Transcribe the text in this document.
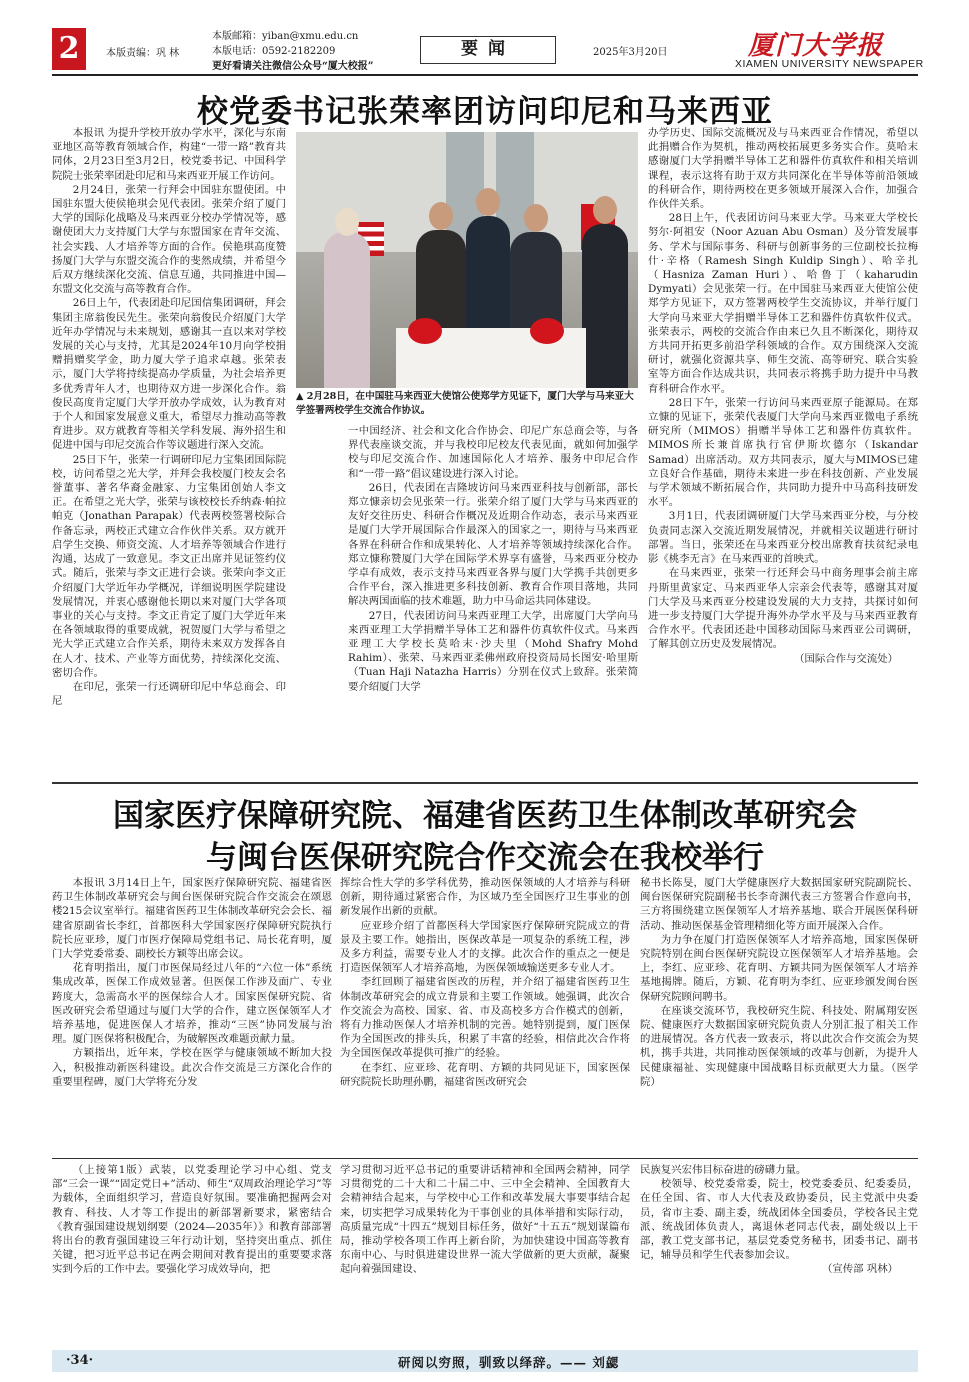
2	本版责编：巩 林
本版邮箱：yiban@xmu.edu.cn
本版电话：0592-2182209
更好看请关注微信公众号“厦大校报”
要闻	2025年3月20日	厦门大学报
XIAMEN UNIVERSITY NEWSPAPER
校党委书记张荣率团访问印尼和马来西亚

本报讯 为提升学校开放办学水平，深化与东南亚地区高等教育领域合作，构建“一带一路”教育共同体，2月23日至3月2日，校党委书记、中国科学院院士张荣率团赴印尼和马来西亚开展工作访问。

2月24日，张荣一行拜会中国驻东盟使团。中国驻东盟大使侯艳琪会见代表团。张荣介绍了厦门大学的国际化战略及马来西亚分校办学情况等，感谢使团大力支持厦门大学与东盟国家在青年交流、社会实践、人才培养等方面的合作。侯艳琪高度赞扬厦门大学与东盟交流合作的斐然成绩，并希望今后双方继续深化交流、信息互通，共同推进中国—东盟文化交流与高等教育合作。

26日上午，代表团赴印尼国信集团调研，拜会集团主席翁俊民先生。张荣向翁俊民介绍厦门大学近年办学情况与未来规划，感谢其一直以来对学校发展的关心与支持，尤其是2024年10月向学校捐赠捐赠奖学金，助力厦大学子追求卓越。张荣表示，厦门大学将持续提高办学质量，为社会培养更多优秀青年人才，也期待双方进一步深化合作。翁俊民高度肯定厦门大学开放办学成效，认为教育对于个人和国家发展意义重大，希望尽力推动高等教育进步。双方就教育等相关学科发展、海外招生和促进中国与印尼交流合作等议题进行深入交流。

25日下午，张荣一行调研印尼力宝集团国际院校，访问希望之光大学，并拜会我校厦门校友会名誉董事、著名华裔金融家、力宝集团创始人李文正。在希望之光大学，张荣与该校校长乔纳森·帕拉帕克（Jonathan Parapak）代表两校签署校际合作备忘录，两校正式建立合作伙伴关系。双方就开启学生交换、师资交流、人才培养等领域合作进行沟通，达成了一致意见。李文正出席并见证签约仪式。随后，张荣与李文正进行会谈。张荣向李文正介绍厦门大学近年办学概况，详细说明医学院建设发展情况，并衷心感谢他长期以来对厦门大学各项事业的关心与支持。李文正肯定了厦门大学近年来在各领域取得的重要成就，祝贺厦门大学与希望之光大学正式建立合作关系，期待未来双方发挥各自在人才、技术、产业等方面优势，持续深化交流、密切合作。

在印尼，张荣一行还调研印尼中华总商会、印尼

▲ 2月28日，在中国驻马来西亚大使馆公使郑学方见证下，厦门大学与马来亚大学签署两校学生交流合作协议。

一中国经济、社会和文化合作协会、印尼广东总商会等，与各界代表座谈交流，并与我校印尼校友代表见面，就如何加强学校与印尼交流合作、加速国际化人才培养、服务中印尼合作和“一带一路”倡议建设进行深入讨论。

26日，代表团在吉隆坡访问马来西亚科技与创新部，部长郑立慷亲切会见张荣一行。张荣介绍了厦门大学与马来西亚的友好交往历史、科研合作概况及近期合作动态，表示马来西亚是厦门大学开展国际合作最深入的国家之一，期待与马来西亚各界在科研合作和成果转化、人才培养等领域持续深化合作。郑立慷称赞厦门大学在国际学术界享有盛誉，马来西亚分校办学卓有成效，表示支持马来西亚各界与厦门大学携手共创更多合作平台，深入推进更多科技创新、教育合作项目落地，共同解决两国面临的技术难题，助力中马命运共同体建设。

27日，代表团访问马来西亚理工大学，出席厦门大学向马来西亚理工大学捐赠半导体工艺和器件仿真软件仪式。马来西亚理工大学校长莫哈末·沙夫里（Mohd Shafry Mohd Rahim）、张荣、马来西亚柔佛州政府投资局局长图安·哈里斯（Tuan Haji Natazha Harris）分别在仪式上致辞。张荣简要介绍厦门大学

办学历史、国际交流概况及与马来西亚合作情况，希望以此捐赠合作为契机，推动两校拓展更多务实合作。莫哈末感谢厦门大学捐赠半导体工艺和器件仿真软件和相关培训课程，表示这将有助于双方共同深化在半导体等前沿领域的科研合作，期待两校在更多领域开展深入合作，加强合作伙伴关系。

28日上午，代表团访问马来亚大学。马来亚大学校长努尔·阿祖安（Noor Azuan Abu Osman）及分管发展事务、学术与国际事务、科研与创新事务的三位副校长拉梅什·辛格（Ramesh Singh Kuldip Singh）、哈辛扎（Hasniza Zaman Huri）、哈鲁丁（kaharudin Dymyati）会见张荣一行。在中国驻马来西亚大使馆公使郑学方见证下，双方签署两校学生交流协议，并举行厦门大学向马来亚大学捐赠半导体工艺和器件仿真软件仪式。张荣表示，两校的交流合作由来已久且不断深化，期待双方共同开拓更多前沿学科领域的合作。双方围绕深入交流研讨，就强化资源共享、师生交流、高等研究、联合实验室等方面合作达成共识，共同表示将携手助力提升中马教育科研合作水平。

28日下午，张荣一行访问马来西亚原子能源局。在郑立慷的见证下，张荣代表厦门大学向马来西亚微电子系统研究所（MIMOS）捐赠半导体工艺和器件仿真软件。MIMOS所长兼首席执行官伊斯坎德尔（Iskandar Samad）出席活动。双方共同表示，厦大与MIMOS已建立良好合作基础，期待未来进一步在科技创新、产业发展与学术领域不断拓展合作，共同助力提升中马高科技研发水平。

3月1日，代表团调研厦门大学马来西亚分校，与分校负责同志深入交流近期发展情况，并就相关议题进行研讨部署。当日，张荣还在马来西亚分校出席教育扶贫纪录电影《桃李无言》在马来西亚的首映式。

在马来西亚，张荣一行还拜会马中商务理事会前主席丹斯里黄家定、马来西亚华人宗亲会代表等，感谢其对厦门大学及马来西亚分校建设发展的大力支持，共探讨如何进一步支持厦门大学提升海外办学水平及与马来西亚教育合作水平。代表团还赴中国移动国际马来西亚公司调研，了解其创立历史及发展情况。

（国际合作与交流处）

国家医疗保障研究院、福建省医药卫生体制改革研究会
与闽台医保研究院合作交流会在我校举行

本报讯 3月14日上午，国家医疗保障研究院、福建省医药卫生体制改革研究会与闽台医保研究院合作交流会在颂恩楼215会议室举行。福建省医药卫生体制改革研究会会长、福建省原副省长李红，首都医科大学国家医疗保障研究院执行院长应亚珍，厦门市医疗保障局党组书记、局长花育明，厦门大学党委常委、副校长方颖等出席会议。

花育明指出，厦门市医保局经过八年的“六位一体”系统集成改革，医保工作成效显著。但医保工作涉及面广、专业跨度大，急需高水平的医保综合人才。国家医保研究院、省医改研究会希望通过与厦门大学的合作，建立医保领军人才培养基地，促进医保人才培养，推动“三医”协同发展与治理。厦门医保将积极配合，为破解医改难题贡献力量。

方颖指出，近年来，学校在医学与健康领域不断加大投入，积极推动新医科建设。此次合作交流是三方深化合作的重要里程碑，厦门大学将充分发

挥综合性大学的多学科优势，推动医保领域的人才培养与科研创新，期待通过紧密合作，为区域乃至全国医疗卫生事业的创新发展作出新的贡献。

应亚珍介绍了首都医科大学国家医疗保障研究院成立的背景及主要工作。她指出，医保改革是一项复杂的系统工程，涉及多方利益，需要专业人才的支撑。此次合作的重点之一便是打造医保领军人才培养高地，为医保领域输送更多专业人才。

李红回顾了福建省医改的历程，并介绍了福建省医药卫生体制改革研究会的成立背景和主要工作领域。她强调，此次合作交流会为高校、国家、省、市及高校多方合作模式的创新，将有力推动医保人才培养机制的完善。她特别提到，厦门医保作为全国医改的排头兵，积累了丰富的经验，相信此次合作将为全国医保改革提供可推广的经验。

在李红、应亚珍、花育明、方颖的共同见证下，国家医保研究院院长助理孙鹏，福建省医改研究会

秘书长陈旻，厦门大学健康医疗大数据国家研究院副院长、闽台医保研究院副秘书长李奇渊代表三方签署合作意向书，三方将围绕建立医保领军人才培养基地、联合开展医保科研活动、推动医保基金管理精细化等方面开展深入合作。

为力争在厦门打造医保领军人才培养高地，国家医保研究院特别在闽台医保研究院设立医保领军人才培养基地。会上，李红、应亚珍、花育明、方颖共同为医保领军人才培养基地揭牌。随后，方颖、花育明为李红、应亚珍颁发闽台医保研究院顾问聘书。

在座谈交流环节，我校研究生院、科技处、附属翔安医院、健康医疗大数据国家研究院负责人分别汇报了相关工作的进展情况。各方代表一致表示，将以此次合作交流会为契机，携手共进，共同推动医保领域的改革与创新，为提升人民健康福祉、实现健康中国战略目标贡献更大力量。（医学院）

（上接第1版）武装，以党委理论学习中心组、党支部“三会一课”“固定党日+”活动、师生“双周政治理论学习”等为载体，全面组织学习，营造良好氛围。要准确把握两会对教育、科技、人才等工作提出的新部署新要求，紧密结合《教育强国建设规划纲要（2024—2035年）》和教育部部署将出台的教育强国建设三年行动计划，坚持突出重点、抓住关键，把习近平总书记在两会期间对教育提出的重要要求落实到今后的工作中去。要强化学习成效导向，把

学习贯彻习近平总书记的重要讲话精神和全国两会精神，同学习贯彻党的二十大和二十届二中、三中全会精神、全国教育大会精神结合起来，与学校中心工作和改革发展大事要事结合起来，切实把学习成果转化为干事创业的具体举措和实际行动，高质量完成“十四五”规划目标任务，做好“十五五”规划谋篇布局，推动学校各项工作再上新台阶，为加快建设中国高等教育东南中心、与时俱进建设世界一流大学做新的更大贡献，凝聚起向着强国建设、

民族复兴宏伟目标奋进的磅礴力量。

校领导、校党委常委，院士，校党委委员、纪委委员，在任全国、省、市人大代表及政协委员，民主党派中央委员，省市主委、副主委，统战团体全国委员，学校各民主党派、统战团体负责人，离退休老同志代表，副处级以上干部，教工党支部书记，基层党委党务秘书，团委书记、副书记，辅导员和学生代表参加会议。

（宣传部 巩林）

·34·	研阅以穷照，驯致以绎辞。—— 刘勰
